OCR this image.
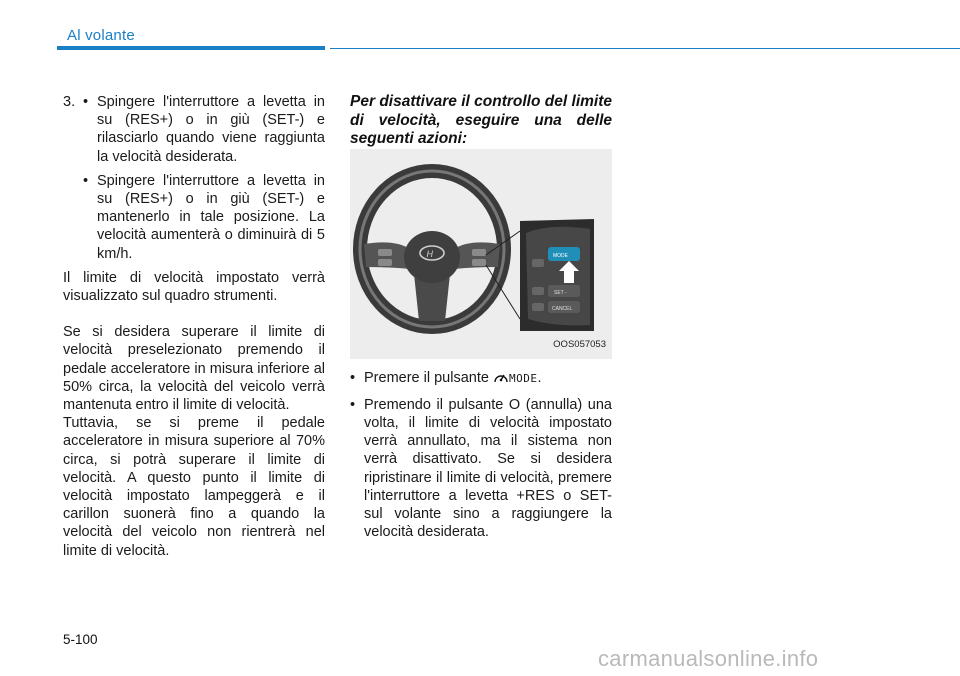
Al volante
3. • Spingere l'interruttore a levetta in su (RES+) o in giù (SET-) e rilasciarlo quando viene raggiunta la velocità desiderata.
• Spingere l'interruttore a levetta in su (RES+) o in giù (SET-) e mantenerlo in tale posizione. La velocità aumenterà o diminuirà di 5 km/h.

Il limite di velocità impostato verrà visualizzato sul quadro strumenti.

Se si desidera superare il limite di velocità preselezionato premendo il pedale acceleratore in misura inferiore al 50% circa, la velocità del veicolo verrà mantenuta entro il limite di velocità.

Tuttavia, se si preme il pedale acceleratore in misura superiore al 70% circa, si potrà superare il limite di velocità. A questo punto il limite di velocità impostato lampeggerà e il carillon suonerà fino a quando la velocità del veicolo non rientrerà nel limite di velocità.

Per disattivare il controllo del limite di velocità, eseguire una delle seguenti azioni:

H	MODE
SET -
CANCEL
OOS057053
• Premere il pulsante MODE.
• Premendo il pulsante O (annulla) una volta, il limite di velocità impostato verrà annullato, ma il sistema non verrà disattivato. Se si desidera ripristinare il limite di velocità, premere l'interruttore a levetta +RES o SET- sul volante sino a raggiungere la velocità desiderata.
5-100
carmanualsonline.info
